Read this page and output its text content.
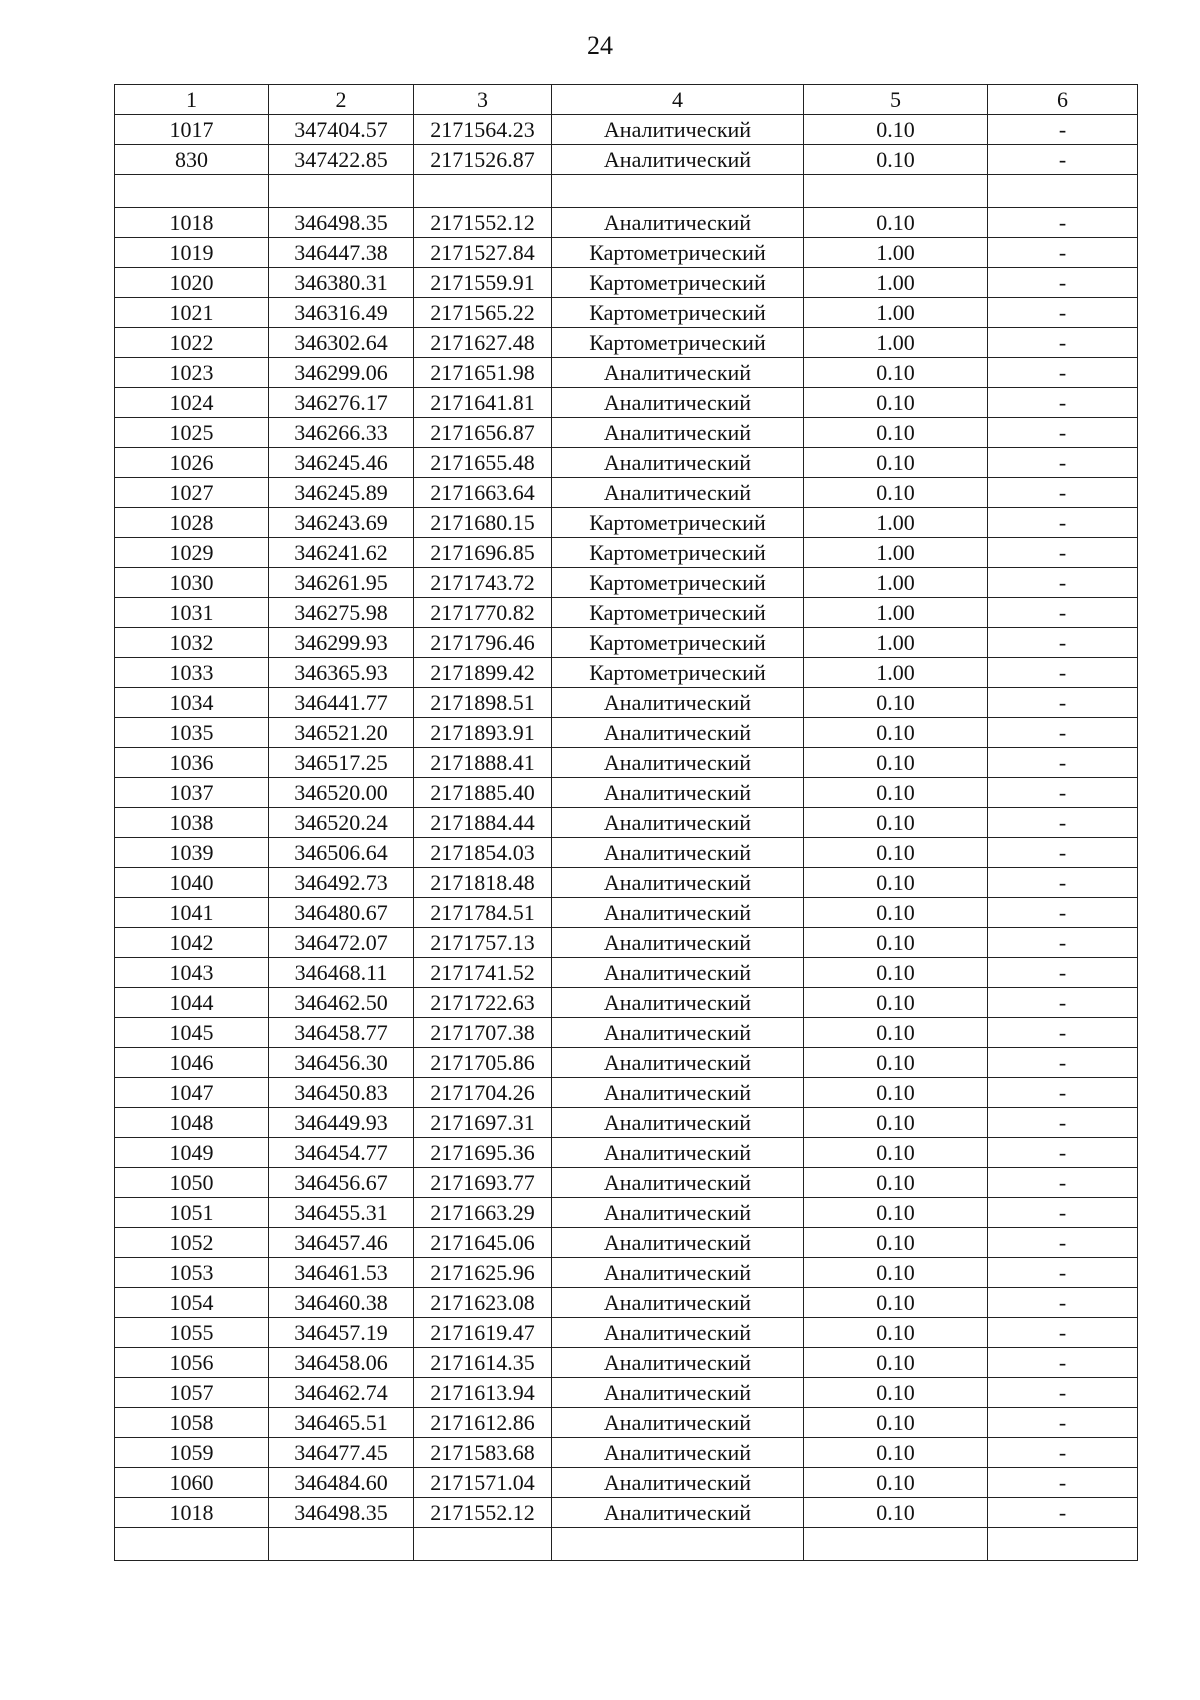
24
1	2	3	4	5	6
1017	347404.57	2171564.23	Аналитический	0.10	-
830	347422.85	2171526.87	Аналитический	0.10	-

1018	346498.35	2171552.12	Аналитический	0.10	-
1019	346447.38	2171527.84	Картометрический	1.00	-
1020	346380.31	2171559.91	Картометрический	1.00	-
1021	346316.49	2171565.22	Картометрический	1.00	-
1022	346302.64	2171627.48	Картометрический	1.00	-
1023	346299.06	2171651.98	Аналитический	0.10	-
1024	346276.17	2171641.81	Аналитический	0.10	-
1025	346266.33	2171656.87	Аналитический	0.10	-
1026	346245.46	2171655.48	Аналитический	0.10	-
1027	346245.89	2171663.64	Аналитический	0.10	-
1028	346243.69	2171680.15	Картометрический	1.00	-
1029	346241.62	2171696.85	Картометрический	1.00	-
1030	346261.95	2171743.72	Картометрический	1.00	-
1031	346275.98	2171770.82	Картометрический	1.00	-
1032	346299.93	2171796.46	Картометрический	1.00	-
1033	346365.93	2171899.42	Картометрический	1.00	-
1034	346441.77	2171898.51	Аналитический	0.10	-
1035	346521.20	2171893.91	Аналитический	0.10	-
1036	346517.25	2171888.41	Аналитический	0.10	-
1037	346520.00	2171885.40	Аналитический	0.10	-
1038	346520.24	2171884.44	Аналитический	0.10	-
1039	346506.64	2171854.03	Аналитический	0.10	-
1040	346492.73	2171818.48	Аналитический	0.10	-
1041	346480.67	2171784.51	Аналитический	0.10	-
1042	346472.07	2171757.13	Аналитический	0.10	-
1043	346468.11	2171741.52	Аналитический	0.10	-
1044	346462.50	2171722.63	Аналитический	0.10	-
1045	346458.77	2171707.38	Аналитический	0.10	-
1046	346456.30	2171705.86	Аналитический	0.10	-
1047	346450.83	2171704.26	Аналитический	0.10	-
1048	346449.93	2171697.31	Аналитический	0.10	-
1049	346454.77	2171695.36	Аналитический	0.10	-
1050	346456.67	2171693.77	Аналитический	0.10	-
1051	346455.31	2171663.29	Аналитический	0.10	-
1052	346457.46	2171645.06	Аналитический	0.10	-
1053	346461.53	2171625.96	Аналитический	0.10	-
1054	346460.38	2171623.08	Аналитический	0.10	-
1055	346457.19	2171619.47	Аналитический	0.10	-
1056	346458.06	2171614.35	Аналитический	0.10	-
1057	346462.74	2171613.94	Аналитический	0.10	-
1058	346465.51	2171612.86	Аналитический	0.10	-
1059	346477.45	2171583.68	Аналитический	0.10	-
1060	346484.60	2171571.04	Аналитический	0.10	-
1018	346498.35	2171552.12	Аналитический	0.10	-
